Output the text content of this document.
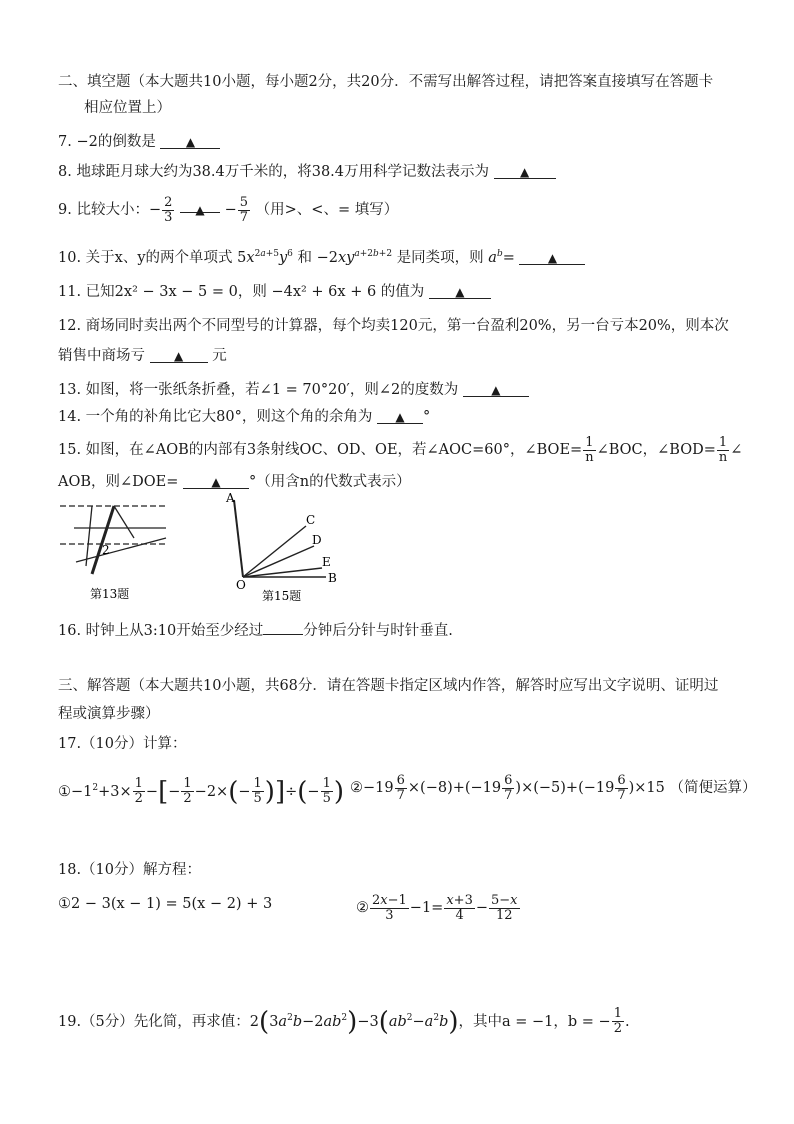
二、填空题（本大题共10小题，每小题2分，共20分．不需写出解答过程，请把答案直接填写在答题卡
相应位置上）
7. −2的倒数是 ▲
8. 地球距月球大约为38.4万千米的，将38.4万用科学记数法表示为	▲
9. 比较大小：− $\frac{2}{3}$ ▲ − $\frac{5}{7}$ （用>、<、= 填写）
10. 关于x、y的两个单项式 $5x^{2a+5}y^6$ 和 $-2xy^{a+2b+2}$ 是同类项，则 $a^b=$	▲
11. 已知2x² − 3x − 5 = 0，则 −4x² + 6x + 6 的值为	▲
12. 商场同时卖出两个不同型号的计算器，每个均卖120元，第一台盈利20%，另一台亏本20%，则本次
销售中商场亏 ▲ 元
13. 如图，将一张纸条折叠，若∠1 = 70°20′，则∠2的度数为	▲
14. 一个角的补角比它大80°，则这个角的余角为 ▲ °
15. 如图，在∠AOB的内部有3条射线OC、OD、OE，若∠AOC=60°，∠BOE= $\frac{1}{n}$ ∠BOC，∠BOD= $\frac{1}{n}$ ∠
AOB，则∠DOE=	▲ °（用含n的代数式表示）
2
第13题
A
C
D
E
B
O
第15题
16. 时钟上从3:10开始至少经过	分钟后分针与时针垂直.
三、解答题（本大题共10小题，共68分．请在答题卡指定区域内作答，解答时应写出文字说明、证明过
程或演算步骤）
17.（10分）计算：
$①-1^2+3\times \frac{1}{2}$ −[− $\frac{1}{2} -2\times(- \frac{1}{5}$ )]÷(− $\frac{1}{5}$ ) ②−19 $\frac{6}{7} \times(-8)+(-19 \frac{6}{7} )\times(-5)+(-19 \frac{6}{7} )\times 15$ （简便运算）
18.（10分）解方程：
①2 − 3(x − 1) = 5(x − 2) + 3	② $\frac{2x-1}{3} -1= \frac{x+3}{4} - \frac{5-x}{12}$
19.（5分）先化简，再求值：$2(3a^2b-2ab^2)-3(ab^2-a^2b)$，其中a = −1，b = − $\frac{1}{2}$ .
